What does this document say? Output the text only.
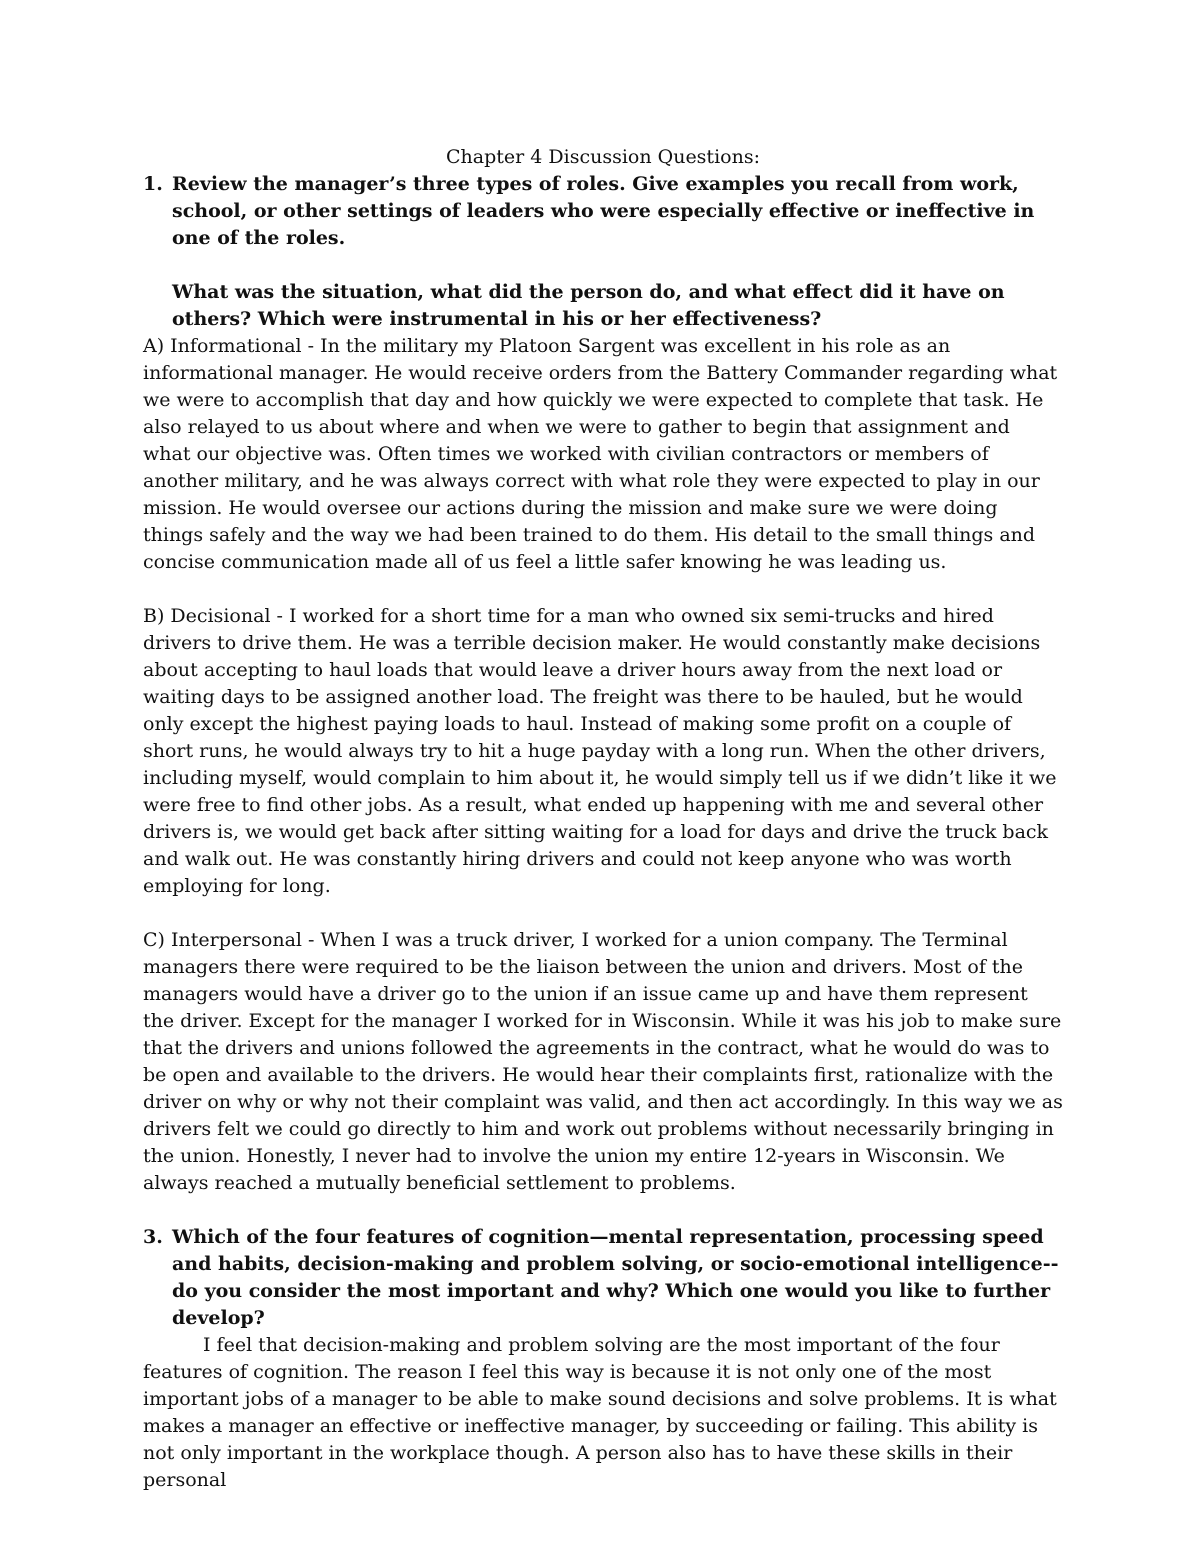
Chapter 4 Discussion Questions:

1. Review the manager’s three types of roles. Give examples you recall from work, school, or other settings of leaders who were especially effective or ineffective in one of the roles.

What was the situation, what did the person do, and what effect did it have on others? Which were instrumental in his or her effectiveness?

A) Informational - In the military my Platoon Sargent was excellent in his role as an informational manager. He would receive orders from the Battery Commander regarding what we were to accomplish that day and how quickly we were expected to complete that task. He also relayed to us about where and when we were to gather to begin that assignment and what our objective was. Often times we worked with civilian contractors or members of another military, and he was always correct with what role they were expected to play in our mission. He would oversee our actions during the mission and make sure we were doing things safely and the way we had been trained to do them. His detail to the small things and concise communication made all of us feel a little safer knowing he was leading us.

B) Decisional - I worked for a short time for a man who owned six semi-trucks and hired drivers to drive them. He was a terrible decision maker. He would constantly make decisions about accepting to haul loads that would leave a driver hours away from the next load or waiting days to be assigned another load. The freight was there to be hauled, but he would only except the highest paying loads to haul. Instead of making some profit on a couple of short runs, he would always try to hit a huge payday with a long run. When the other drivers, including myself, would complain to him about it, he would simply tell us if we didn’t like it we were free to find other jobs. As a result, what ended up happening with me and several other drivers is, we would get back after sitting waiting for a load for days and drive the truck back and walk out. He was constantly hiring drivers and could not keep anyone who was worth employing for long.

C) Interpersonal - When I was a truck driver, I worked for a union company. The Terminal managers there were required to be the liaison between the union and drivers. Most of the managers would have a driver go to the union if an issue came up and have them represent the driver. Except for the manager I worked for in Wisconsin. While it was his job to make sure that the drivers and unions followed the agreements in the contract, what he would do was to be open and available to the drivers. He would hear their complaints first, rationalize with the driver on why or why not their complaint was valid, and then act accordingly. In this way we as drivers felt we could go directly to him and work out problems without necessarily bringing in the union. Honestly, I never had to involve the union my entire 12-years in Wisconsin. We always reached a mutually beneficial settlement to problems.

3. Which of the four features of cognition—mental representation, processing speed and habits, decision-making and problem solving, or socio-emotional intelligence--do you consider the most important and why? Which one would you like to further develop?

I feel that decision-making and problem solving are the most important of the four features of cognition. The reason I feel this way is because it is not only one of the most important jobs of a manager to be able to make sound decisions and solve problems. It is what makes a manager an effective or ineffective manager, by succeeding or failing. This ability is not only important in the workplace though. A person also has to have these skills in their personal
